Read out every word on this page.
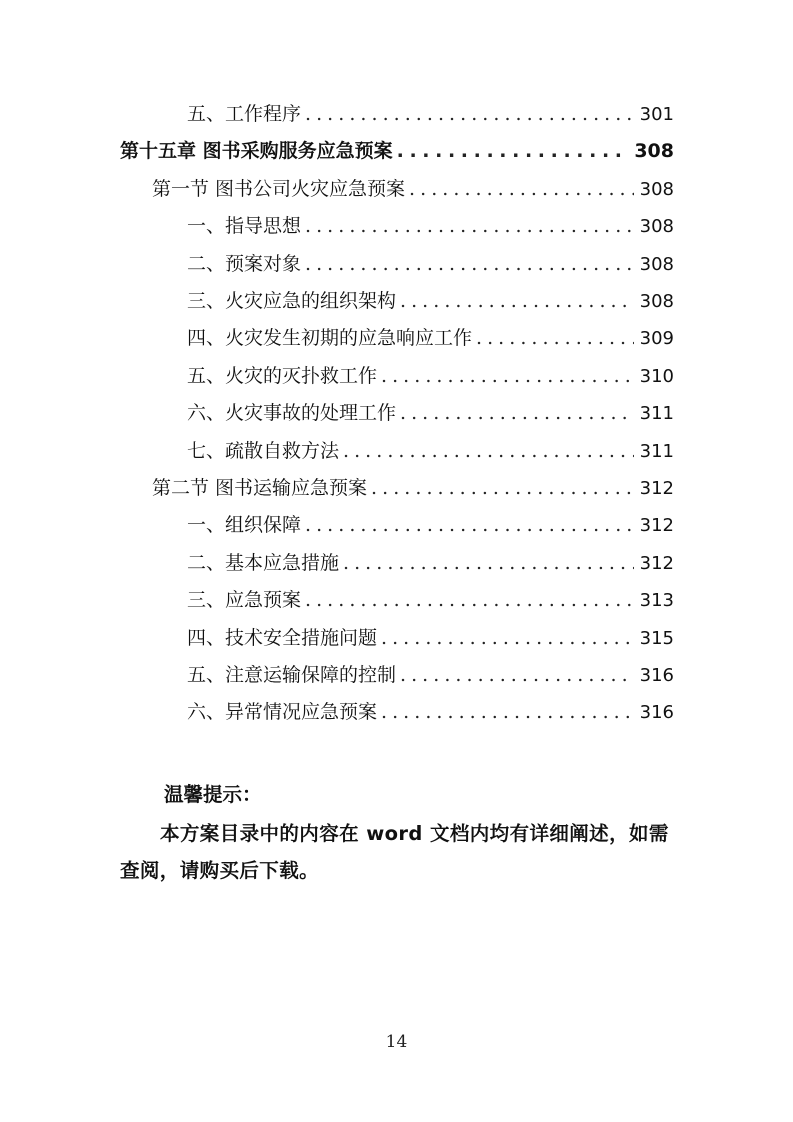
五、工作程序 . . .	301
第十五章 图书采购服务应急预案 . . .	308
第一节 图书公司火灾应急预案 . . .	308
一、指导思想 . . .	308
二、预案对象 . . .	308
三、火灾应急的组织架构 . . .	308
四、火灾发生初期的应急响应工作 . . .	309
五、火灾的灭扑救工作 . . .	310
六、火灾事故的处理工作 . . .	311
七、疏散自救方法 . . .	311
第二节 图书运输应急预案 . . .	312
一、组织保障 . . .	312
二、基本应急措施 . . .	312
三、应急预案 . . .	313
四、技术安全措施问题 . . .	315
五、注意运输保障的控制 . . .	316
六、异常情况应急预案 . . .	316
温馨提示：
本方案目录中的内容在 word 文档内均有详细阐述，如需查阅，请购买后下载。
14
